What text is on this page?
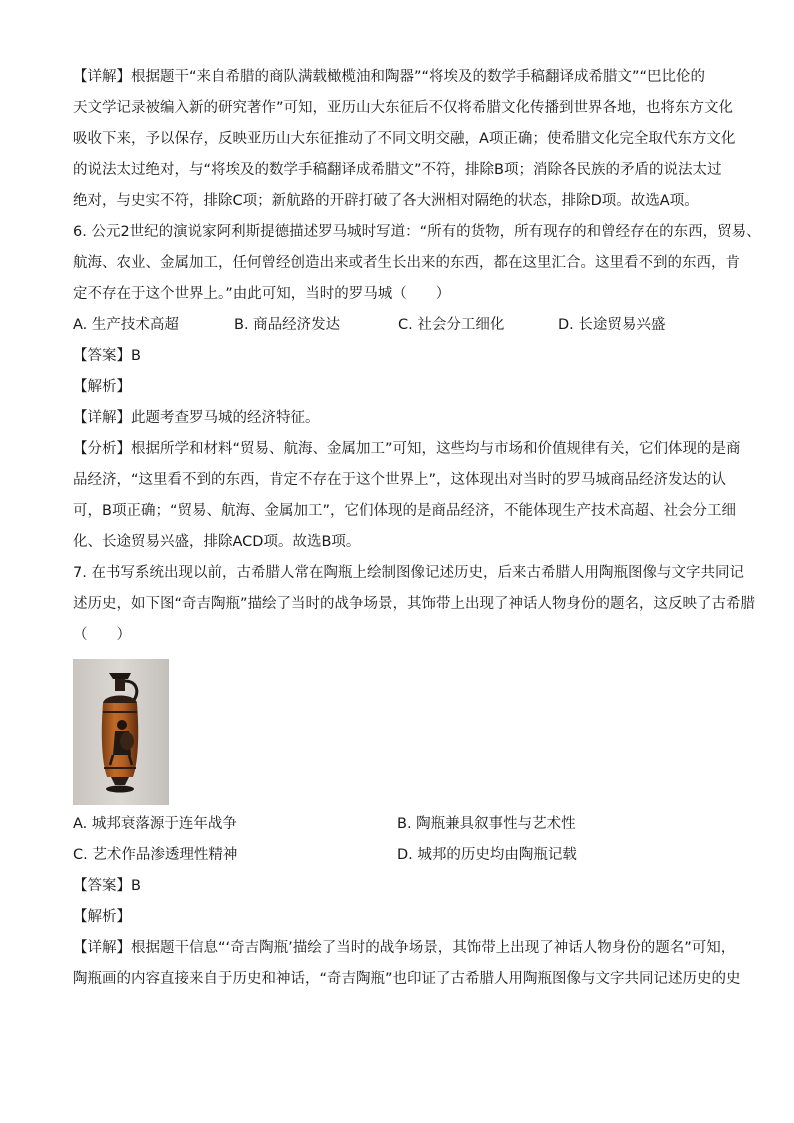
【详解】根据题干“来自希腊的商队满载橄榄油和陶器”“将埃及的数学手稿翻译成希腊文”“巴比伦的
天文学记录被编入新的研究著作”可知，亚历山大东征后不仅将希腊文化传播到世界各地，也将东方文化
吸收下来，予以保存，反映亚历山大东征推动了不同文明交融，A项正确；使希腊文化完全取代东方文化
的说法太过绝对，与“将埃及的数学手稿翻译成希腊文”不符，排除B项；消除各民族的矛盾的说法太过
绝对，与史实不符，排除C项；新航路的开辟打破了各大洲相对隔绝的状态，排除D项。故选A项。
6. 公元2世纪的演说家阿利斯提德描述罗马城时写道：“所有的货物，所有现存的和曾经存在的东西，贸易、
航海、农业、金属加工，任何曾经创造出来或者生长出来的东西，都在这里汇合。这里看不到的东西，肯
定不存在于这个世界上。”由此可知，当时的罗马城（　　）
A. 生产技术高超	B. 商品经济发达	C. 社会分工细化	D. 长途贸易兴盛
【答案】B
【解析】
【详解】此题考查罗马城的经济特征。
【分析】根据所学和材料“贸易、航海、金属加工”可知，这些均与市场和价值规律有关，它们体现的是商
品经济，“这里看不到的东西，肯定不存在于这个世界上”，这体现出对当时的罗马城商品经济发达的认
可，B项正确；“贸易、航海、金属加工”，它们体现的是商品经济，不能体现生产技术高超、社会分工细
化、长途贸易兴盛，排除ACD项。故选B项。
7. 在书写系统出现以前，古希腊人常在陶瓶上绘制图像记述历史，后来古希腊人用陶瓶图像与文字共同记
述历史，如下图“奇吉陶瓶”描绘了当时的战争场景，其饰带上出现了神话人物身份的题名，这反映了古希腊
（　　）
A. 城邦衰落源于连年战争	B. 陶瓶兼具叙事性与艺术性
C. 艺术作品渗透理性精神	D. 城邦的历史均由陶瓶记载
【答案】B
【解析】
【详解】根据题干信息“‘奇吉陶瓶’描绘了当时的战争场景，其饰带上出现了神话人物身份的题名”可知，
陶瓶画的内容直接来自于历史和神话，“奇吉陶瓶”也印证了古希腊人用陶瓶图像与文字共同记述历史的史
